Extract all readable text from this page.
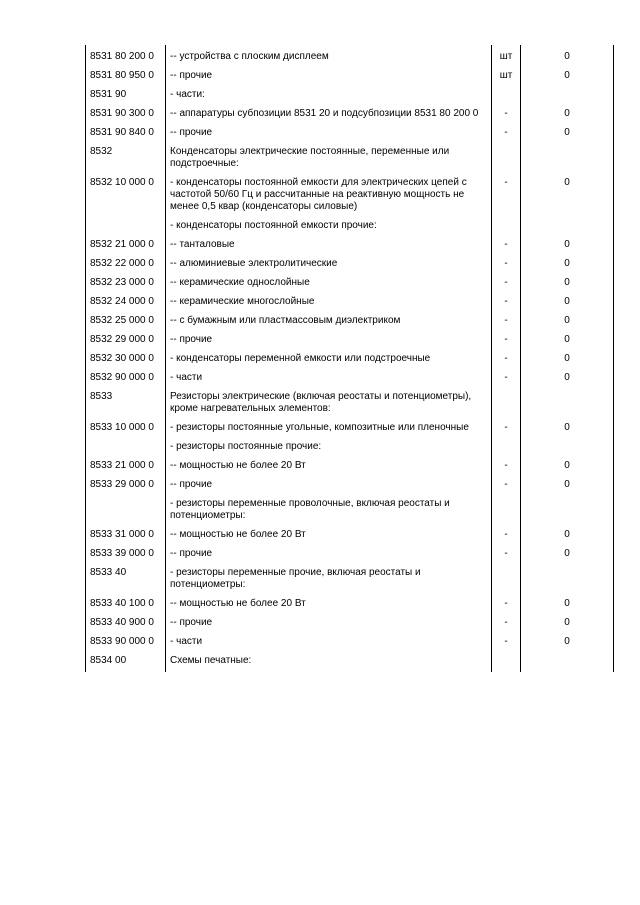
8531 80 200 0	-- устройства с плоским дисплеем	шт	0
8531 80 950 0	-- прочие	шт	0
8531 90	- части:		
8531 90 300 0	-- аппаратуры субпозиции 8531 20 и подсубпозиции 8531 80 200 0	-	0
8531 90 840 0	-- прочие	-	0
8532	Конденсаторы электрические постоянные, переменные или подстроечные:		
8532 10 000 0	- конденсаторы постоянной емкости для электрических цепей с частотой 50/60 Гц и рассчитанные на реактивную мощность не менее 0,5 квар (конденсаторы силовые)	-	0
	- конденсаторы постоянной емкости прочие:		
8532 21 000 0	-- танталовые	-	0
8532 22 000 0	-- алюминиевые электролитические	-	0
8532 23 000 0	-- керамические однослойные	-	0
8532 24 000 0	-- керамические многослойные	-	0
8532 25 000 0	-- с бумажным или пластмассовым диэлектриком	-	0
8532 29 000 0	-- прочие	-	0
8532 30 000 0	- конденсаторы переменной емкости или подстроечные	-	0
8532 90 000 0	- части	-	0
8533	Резисторы электрические (включая реостаты и потенциометры), кроме нагревательных элементов:		
8533 10 000 0	- резисторы постоянные угольные, композитные или пленочные	-	0
	- резисторы постоянные прочие:		
8533 21 000 0	-- мощностью не более 20 Вт	-	0
8533 29 000 0	-- прочие	-	0
	- резисторы переменные проволочные, включая реостаты и потенциометры:		
8533 31 000 0	-- мощностью не более 20 Вт	-	0
8533 39 000 0	-- прочие	-	0
8533 40	- резисторы переменные прочие, включая реостаты и потенциометры:		
8533 40 100 0	-- мощностью не более 20 Вт	-	0
8533 40 900 0	-- прочие	-	0
8533 90 000 0	- части	-	0
8534 00	Схемы печатные:		
